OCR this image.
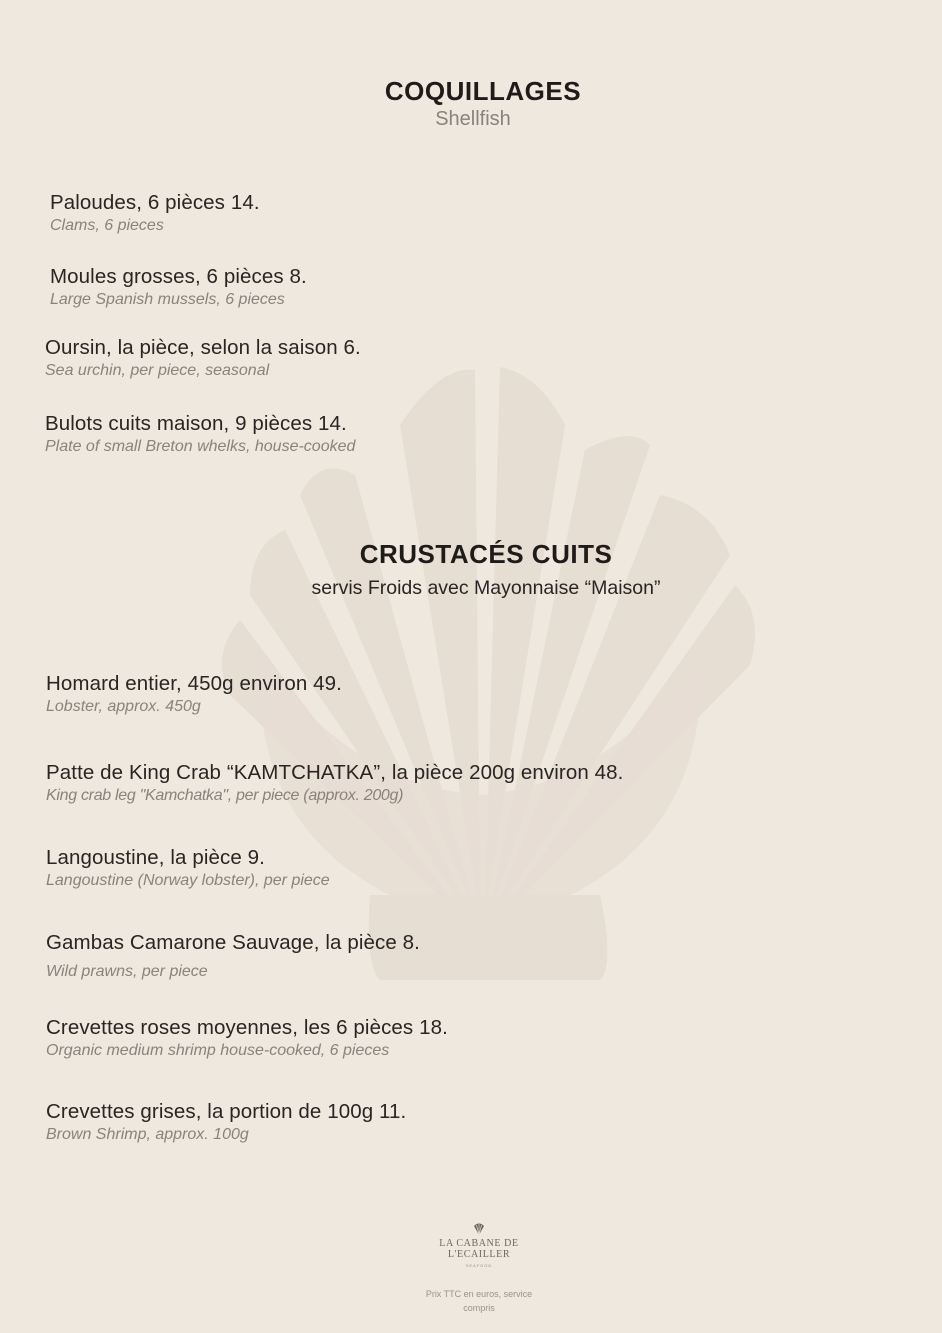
COQUILLAGES
Shellfish
Paloudes, 6 pièces 14.
Clams, 6 pieces
Moules grosses, 6 pièces 8.
Large Spanish mussels, 6 pieces
Oursin, la pièce, selon la saison 6.
Sea urchin, per piece, seasonal
Bulots cuits maison, 9 pièces 14.
Plate of small Breton whelks, house-cooked
CRUSTACÉS CUITS
servis Froids avec Mayonnaise “Maison”
Homard entier, 450g environ 49.
Lobster, approx. 450g
Patte de King Crab “KAMTCHATKA”, la pièce 200g environ 48.
King crab leg "Kamchatka", per piece (approx. 200g)
Langoustine, la pièce 9.
Langoustine (Norway lobster), per piece
Gambas Camarone Sauvage, la pièce 8.
Wild prawns, per piece
Crevettes roses moyennes, les 6 pièces 18.
Organic medium shrimp house-cooked, 6 pieces
Crevettes grises, la portion de 100g 11.
Brown Shrimp, approx. 100g
LA CABANE DE
L'ECAILLER
SEAFOOD
Prix TTC en euros, service compris
